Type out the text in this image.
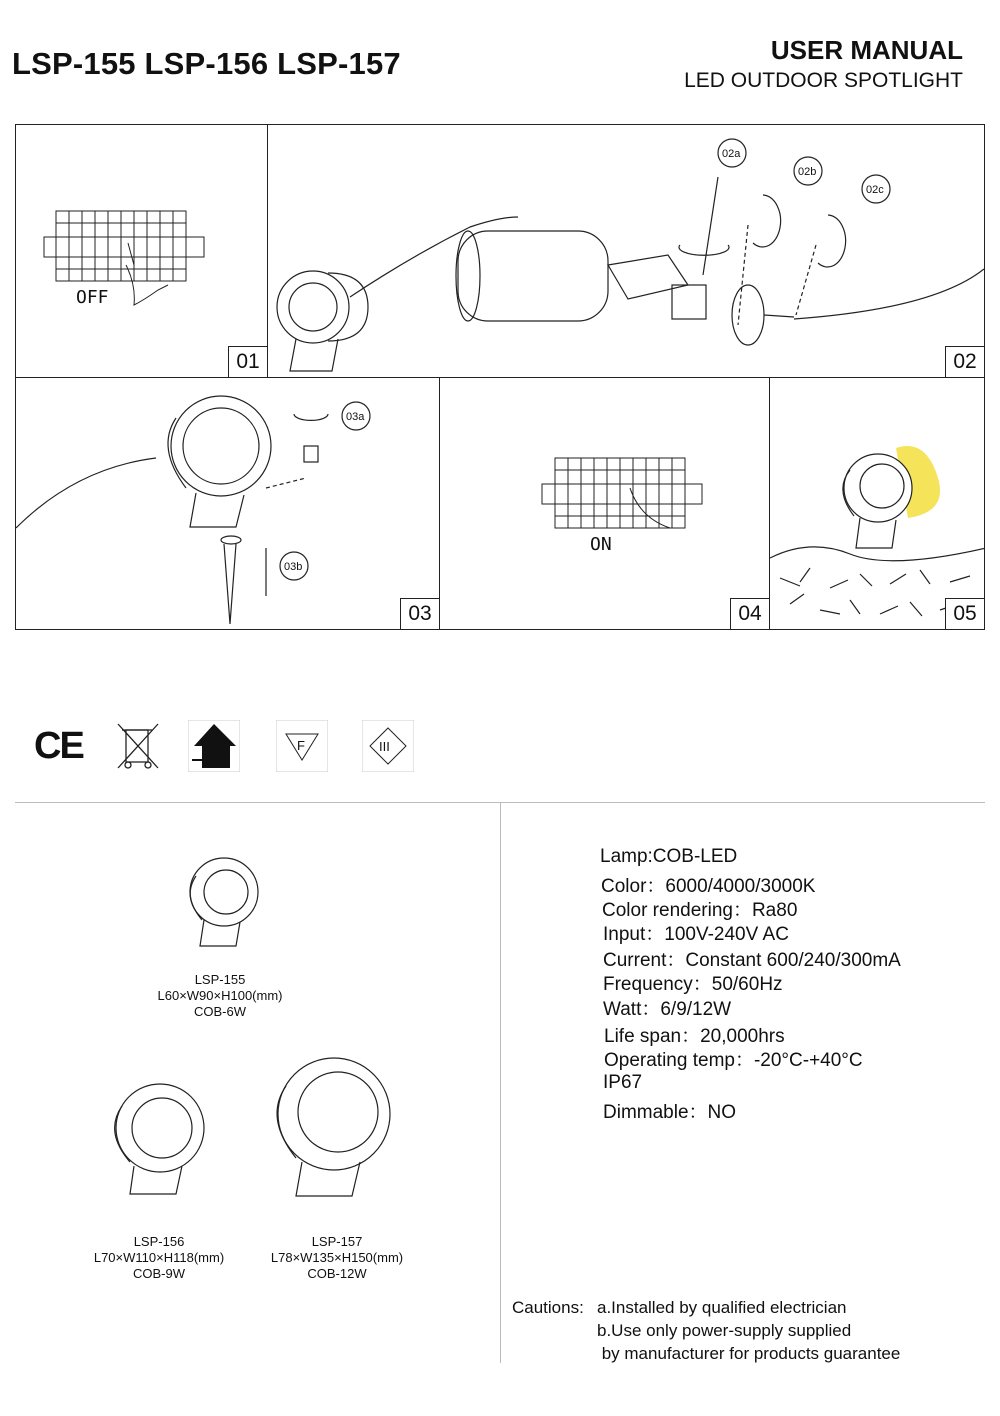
LSP-155 LSP-156 LSP-157	USER MANUAL
LED OUTDOOR SPOTLIGHT
OFF
01
02a
02b
02c
02
03a
03b
03
ON
04	05
CE	F	III
LSP-155
L60×W90×H100(mm)
COB-6W
LSP-156
L70×W110×H118(mm)
COB-9W
LSP-157
L78×W135×H150(mm)
COB-12W
Lamp:COB-LED
Color：6000/4000/3000K
Color rendering：Ra80
Input：100V-240V AC
Current：Constant 600/240/300mA
Frequency：50/60Hz
Watt：6/9/12W
Life span：20,000hrs
Operating temp：-20°C-+40°C
IP67
Dimmable：NO
Cautions: a.Installed by qualified electrician
b.Use only power-supply supplied
by manufacturer for products guarantee
